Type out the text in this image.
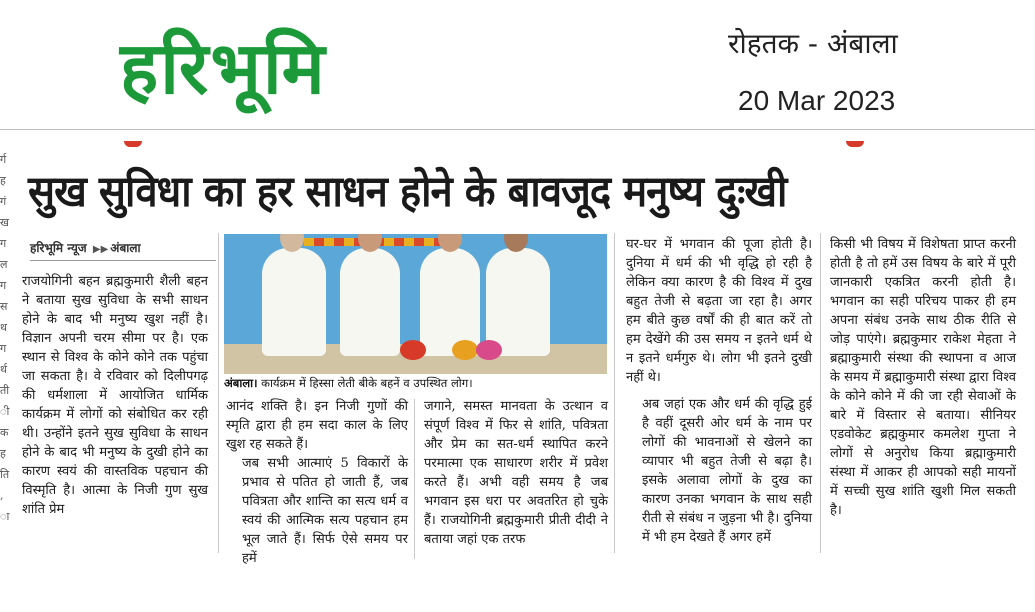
हरिभूमि	रोहतक - अंबाला
20 Mar 2023
र्ग
ह
गं
ख
ग
ल
ग
स
थ
ग
र्थ
ती
ी
क
ह
ति
,
ा
सुख सुविधा का हर साधन होने के बावजूद मनुष्य दुःखी
हरिभूमि न्यूज ▶▶ अंबाला

राजयोगिनी बहन ब्रह्मकुमारी शैली बहन ने बताया सुख सुविधा के सभी साधन होने के बाद भी मनुष्य खुश नहीं है। विज्ञान अपनी चरम सीमा पर है। एक स्थान से विश्व के कोने कोने तक पहुंचा जा सकता है। वे रविवार को दिलीपगढ़ की धर्मशाला में आयोजित धार्मिक कार्यक्रम में लोगों को संबोधित कर रही थी। उन्होंने इतने सुख सुविधा के साधन होने के बाद भी मनुष्य के दुखी होने का कारण स्वयं की वास्तविक पहचान की विस्मृति है। आत्मा के निजी गुण सुख शांति प्रेम

अंबाला। कार्यक्रम में हिस्सा लेती बीके बहनें व उपस्थित लोग।

आनंद शक्ति है। इन निजी गुणों की स्मृति द्वारा ही हम सदा काल के लिए खुश रह सकते हैं।

जब सभी आत्माएं 5 विकारों के प्रभाव से पतित हो जाती हैं, जब पवित्रता और शान्ति का सत्य धर्म व स्वयं की आत्मिक सत्य पहचान हम भूल जाते हैं। सिर्फ ऐसे समय पर हमें

जगाने, समस्त मानवता के उत्थान व संपूर्ण विश्व में फिर से शांति, पवित्रता और प्रेम का सत-धर्म स्थापित करने परमात्मा एक साधारण शरीर में प्रवेश करते हैं। अभी वही समय है जब भगवान इस धरा पर अवतरित हो चुके हैं। राजयोगिनी ब्रह्मकुमारी प्रीती दीदी ने बताया जहां एक तरफ

घर-घर में भगवान की पूजा होती है। दुनिया में धर्म की भी वृद्धि हो रही है लेकिन क्या कारण है की विश्व में दुख बहुत तेजी से बढ़ता जा रहा है। अगर हम बीते कुछ वर्षों की ही बात करें तो हम देखेंगे की उस समय न इतने धर्म थे न इतने धर्मगुरु थे। लोग भी इतने दुखी नहीं थे।

अब जहां एक और धर्म की वृद्धि हुई है वहीं दूसरी ओर धर्म के नाम पर लोगों की भावनाओं से खेलने का व्यापार भी बहुत तेजी से बढ़ा है। इसके अलावा लोगों के दुख का कारण उनका भगवान के साथ सही रीती से संबंध न जुड़ना भी है। दुनिया में भी हम देखते हैं अगर हमें

किसी भी विषय में विशेषता प्राप्त करनी होती है तो हमें उस विषय के बारे में पूरी जानकारी एकत्रित करनी होती है। भगवान का सही परिचय पाकर ही हम अपना संबंध उनके साथ ठीक रीति से जोड़ पाएंगे। ब्रह्मकुमार राकेश मेहता ने ब्रह्माकुमारी संस्था की स्थापना व आज के समय में ब्रह्माकुमारी संस्था द्वारा विश्व के कोने कोने में की जा रही सेवाओं के बारे में विस्तार से बताया। सीनियर एडवोकेट ब्रह्मकुमार कमलेश गुप्ता ने लोगों से अनुरोध किया ब्रह्माकुमारी संस्था में आकर ही आपको सही मायनों में सच्ची सुख शांति खुशी मिल सकती है।
